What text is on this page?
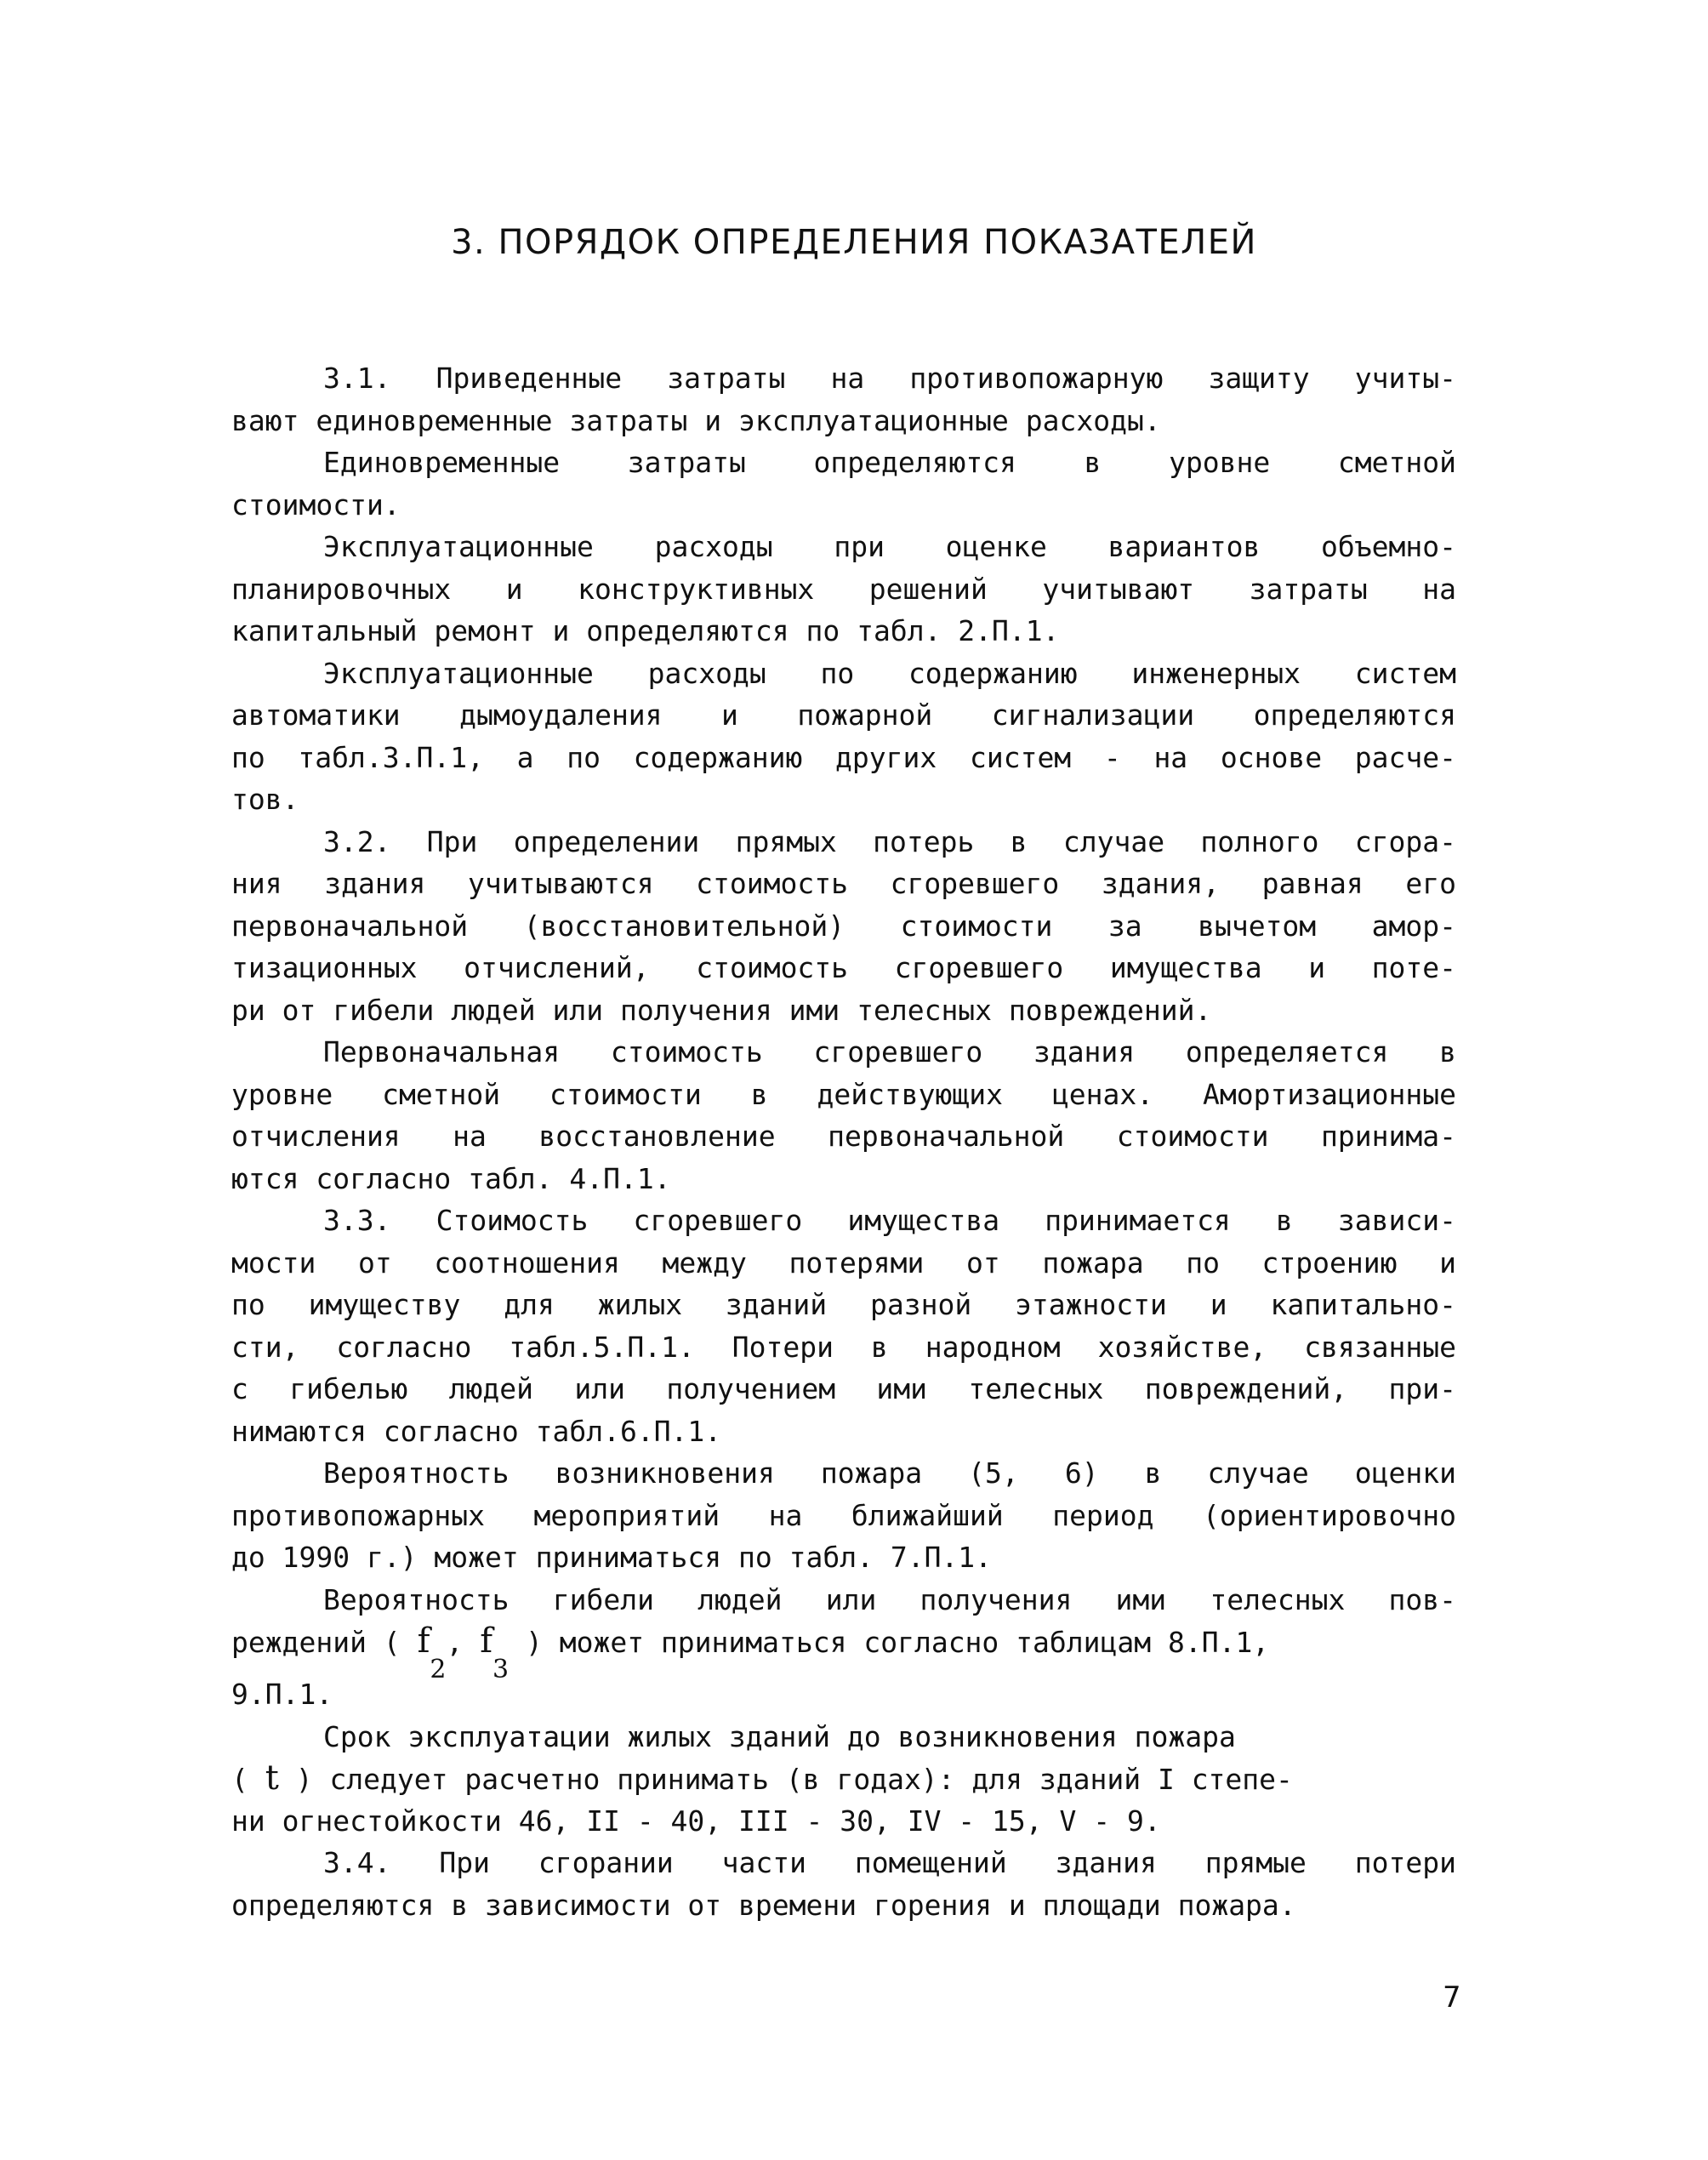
3. ПОРЯДОК ОПРЕДЕЛЕНИЯ ПОКАЗАТЕЛЕЙ
3.1. Приведенные затраты на противопожарную защиту учиты-
вают единовременные затраты и эксплуатационные расходы.
Единовременные затраты определяются в уровне сметной
стоимости.
Эксплуатационные расходы при оценке вариантов объемно-
планировочных и конструктивных решений учитывают затраты на
капитальный ремонт и определяются по табл. 2.П.1.
Эксплуатационные расходы по содержанию инженерных систем
автоматики дымоудаления и пожарной сигнализации определяются
по табл.3.П.1, а по содержанию других систем - на основе расче-
тов.
3.2. При определении прямых потерь в случае полного сгора-
ния здания учитываются стоимость сгоревшего здания, равная его
первоначальной (восстановительной) стоимости за вычетом амор-
тизационных отчислений, стоимость сгоревшего имущества и поте-
ри от гибели людей или получения ими телесных повреждений.
Первоначальная стоимость сгоревшего здания определяется в
уровне сметной стоимости в действующих ценах. Амортизационные
отчисления на восстановление первоначальной стоимости принима-
ются согласно табл. 4.П.1.
3.3. Стоимость сгоревшего имущества принимается в зависи-
мости от соотношения между потерями от пожара по строению и
по имуществу для жилых зданий разной этажности и капитально-
сти, согласно табл.5.П.1. Потери в народном хозяйстве, связанные
с гибелью людей или получением ими телесных повреждений, при-
нимаются согласно табл.6.П.1.
Вероятность возникновения пожара (5, 6) в случае оценки
противопожарных мероприятий на ближайший период (ориентировочно
до 1990 г.) может приниматься по табл. 7.П.1.
Вероятность гибели людей или получения ими телесных пов-
реждений ( $f_2$, $f_3$ ) может приниматься согласно таблицам 8.П.1,
9.П.1.
Срок эксплуатации жилых зданий до возникновения пожара
( t ) следует расчетно принимать (в годах): для зданий I степе-
ни огнестойкости 46, II - 40, III - 30, IV - 15, V - 9.
3.4. При сгорании части помещений здания прямые потери
определяются в зависимости от времени горения и площади пожара.
7
